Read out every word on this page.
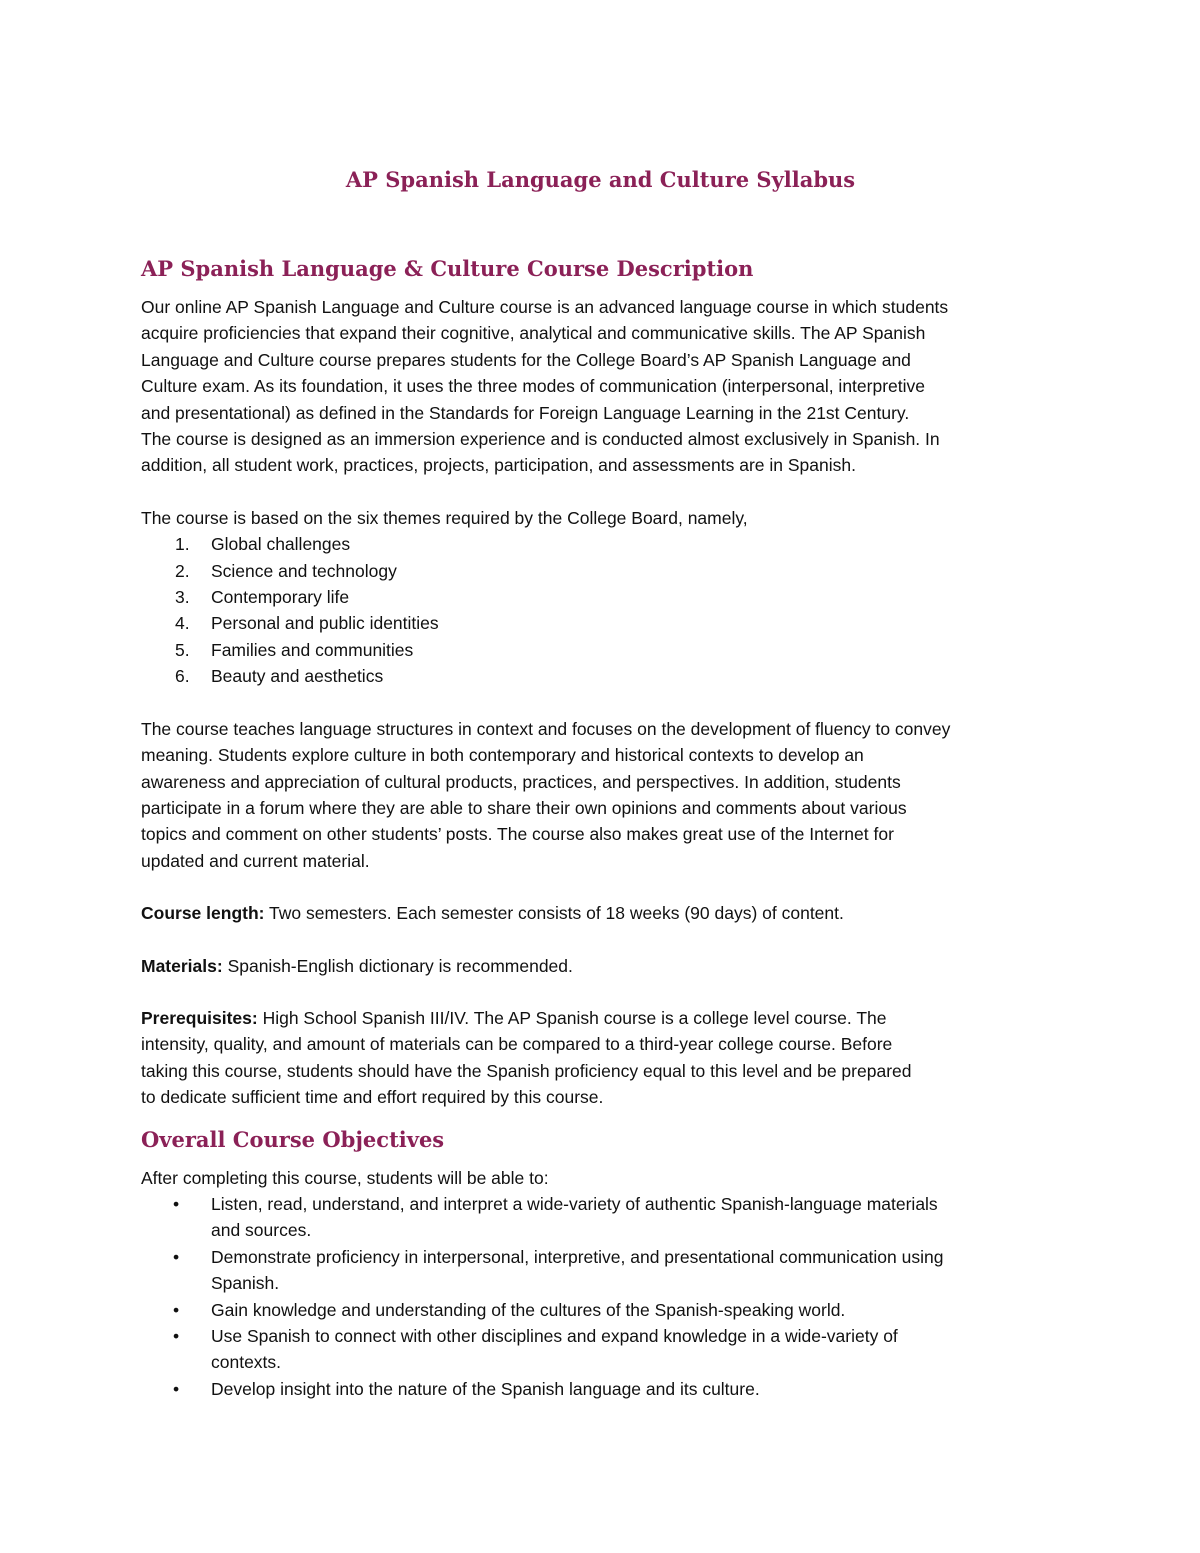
AP Spanish Language and Culture Syllabus
AP Spanish Language & Culture Course Description

Our online AP Spanish Language and Culture course is an advanced language course in which students

acquire proficiencies that expand their cognitive, analytical and communicative skills. The AP Spanish

Language and Culture course prepares students for the College Board’s AP Spanish Language and

Culture exam. As its foundation, it uses the three modes of communication (interpersonal, interpretive

and presentational) as defined in the Standards for Foreign Language Learning in the 21st Century.

The course is designed as an immersion experience and is conducted almost exclusively in Spanish. In

addition, all student work, practices, projects, participation, and assessments are in Spanish.

The course is based on the six themes required by the College Board, namely,

1. Global challenges
2. Science and technology
3. Contemporary life
4. Personal and public identities
5. Families and communities
6. Beauty and aesthetics

The course teaches language structures in context and focuses on the development of fluency to convey

meaning. Students explore culture in both contemporary and historical contexts to develop an

awareness and appreciation of cultural products, practices, and perspectives. In addition, students

participate in a forum where they are able to share their own opinions and comments about various

topics and comment on other students’ posts. The course also makes great use of the Internet for

updated and current material.

Course length: Two semesters. Each semester consists of 18 weeks (90 days) of content.

Materials: Spanish-English dictionary is recommended.

Prerequisites: High School Spanish III/IV. The AP Spanish course is a college level course. The

intensity, quality, and amount of materials can be compared to a third-year college course. Before

taking this course, students should have the Spanish proficiency equal to this level and be prepared

to dedicate sufficient time and effort required by this course.

Overall Course Objectives

After completing this course, students will be able to:

• Listen, read, understand, and interpret a wide-variety of authentic Spanish-language materials
and sources.
• Demonstrate proficiency in interpersonal, interpretive, and presentational communication using
Spanish.
• Gain knowledge and understanding of the cultures of the Spanish-speaking world.
• Use Spanish to connect with other disciplines and expand knowledge in a wide-variety of
contexts.
• Develop insight into the nature of the Spanish language and its culture.
